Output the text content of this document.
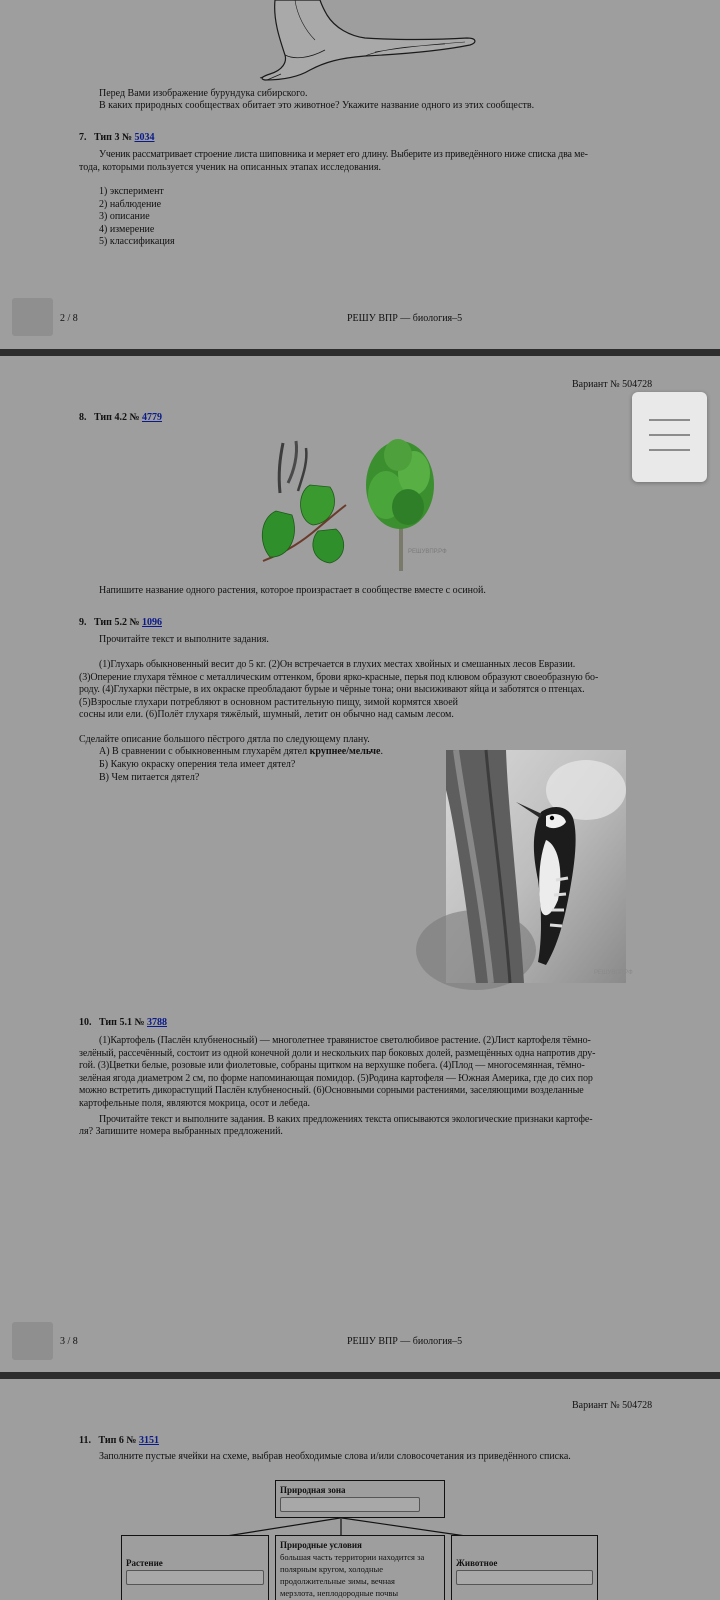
Перед Вами изображение бурундука сибирского.
В каких природных сообществах обитает это животное? Укажите название одного из этих сообществ.
7. Тип 3 № 5034
Ученик рассматривает строение листа шиповника и меряет его длину. Выберите из приведённого ниже списка два ме-
тода, которыми пользуется ученик на описанных этапах исследования.
1) эксперимент
2) наблюдение
3) описание
4) измерение
5) классификация
2 / 8	РЕШУ ВПР — биология–5
Вариант № 504728
8. Тип 4.2 № 4779
РЕШУВПР.РФ
Напишите название одного растения, которое произрастает в сообществе вместе с осиной.
9. Тип 5.2 № 1096
Прочитайте текст и выполните задания.
(1)Глухарь обыкновенный весит до 5 кг. (2)Он встречается в глухих местах хвойных и смешанных лесов Евразии.
(3)Оперение глухаря тёмное с металлическим оттенком, брови ярко-красные, перья под клювом образуют своеобразную бо-
роду. (4)Глухарки пёстрые, в их окраске преобладают бурые и чёрные тона; они высиживают яйца и заботятся о птенцах.
(5)Взрослые глухари потребляют в основном растительную пищу, зимой кормятся хвоей
сосны или ели. (6)Полёт глухаря тяжёлый, шумный, летит он обычно над самым лесом.
Сделайте описание большого пёстрого дятла по следующему плану.
А) В сравнении с обыкновенным глухарём дятел крупнее/мельче.
Б) Какую окраску оперения тела имеет дятел?
В) Чем питается дятел?
РЕШУВПР.РФ
10. Тип 5.1 № 3788
(1)Картофель (Паслён клубненосный) — многолетнее травянистое светолюбивое растение. (2)Лист картофеля тёмно-
зелёный, рассечённый, состоит из одной конечной доли и нескольких пар боковых долей, размещённых одна напротив дру-
гой. (3)Цветки белые, розовые или фиолетовые, собраны щитком на верхушке побега. (4)Плод — многосемянная, тёмно-
зелёная ягода диаметром 2 см, по форме напоминающая помидор. (5)Родина картофеля — Южная Америка, где до сих пор
можно встретить дикорастущий Паслён клубненосный. (6)Основными сорными растениями, заселяющими возделанные
картофельные поля, являются мокрица, осот и лебеда.
Прочитайте текст и выполните задания. В каких предложениях текста описываются экологические признаки картофе-
ля? Запишите номера выбранных предложений.
3 / 8	РЕШУ ВПР — биология–5
Вариант № 504728
11. Тип 6 № 3151
Заполните пустые ячейки на схеме, выбрав необходимые слова и/или словосочетания из приведённого списка.
Природная зона
Растение
Природные условия
большая часть территории находится за
полярным кругом, холодные
продолжительные зимы, вечная
мерзлота, неплодородные почвы
Животное
